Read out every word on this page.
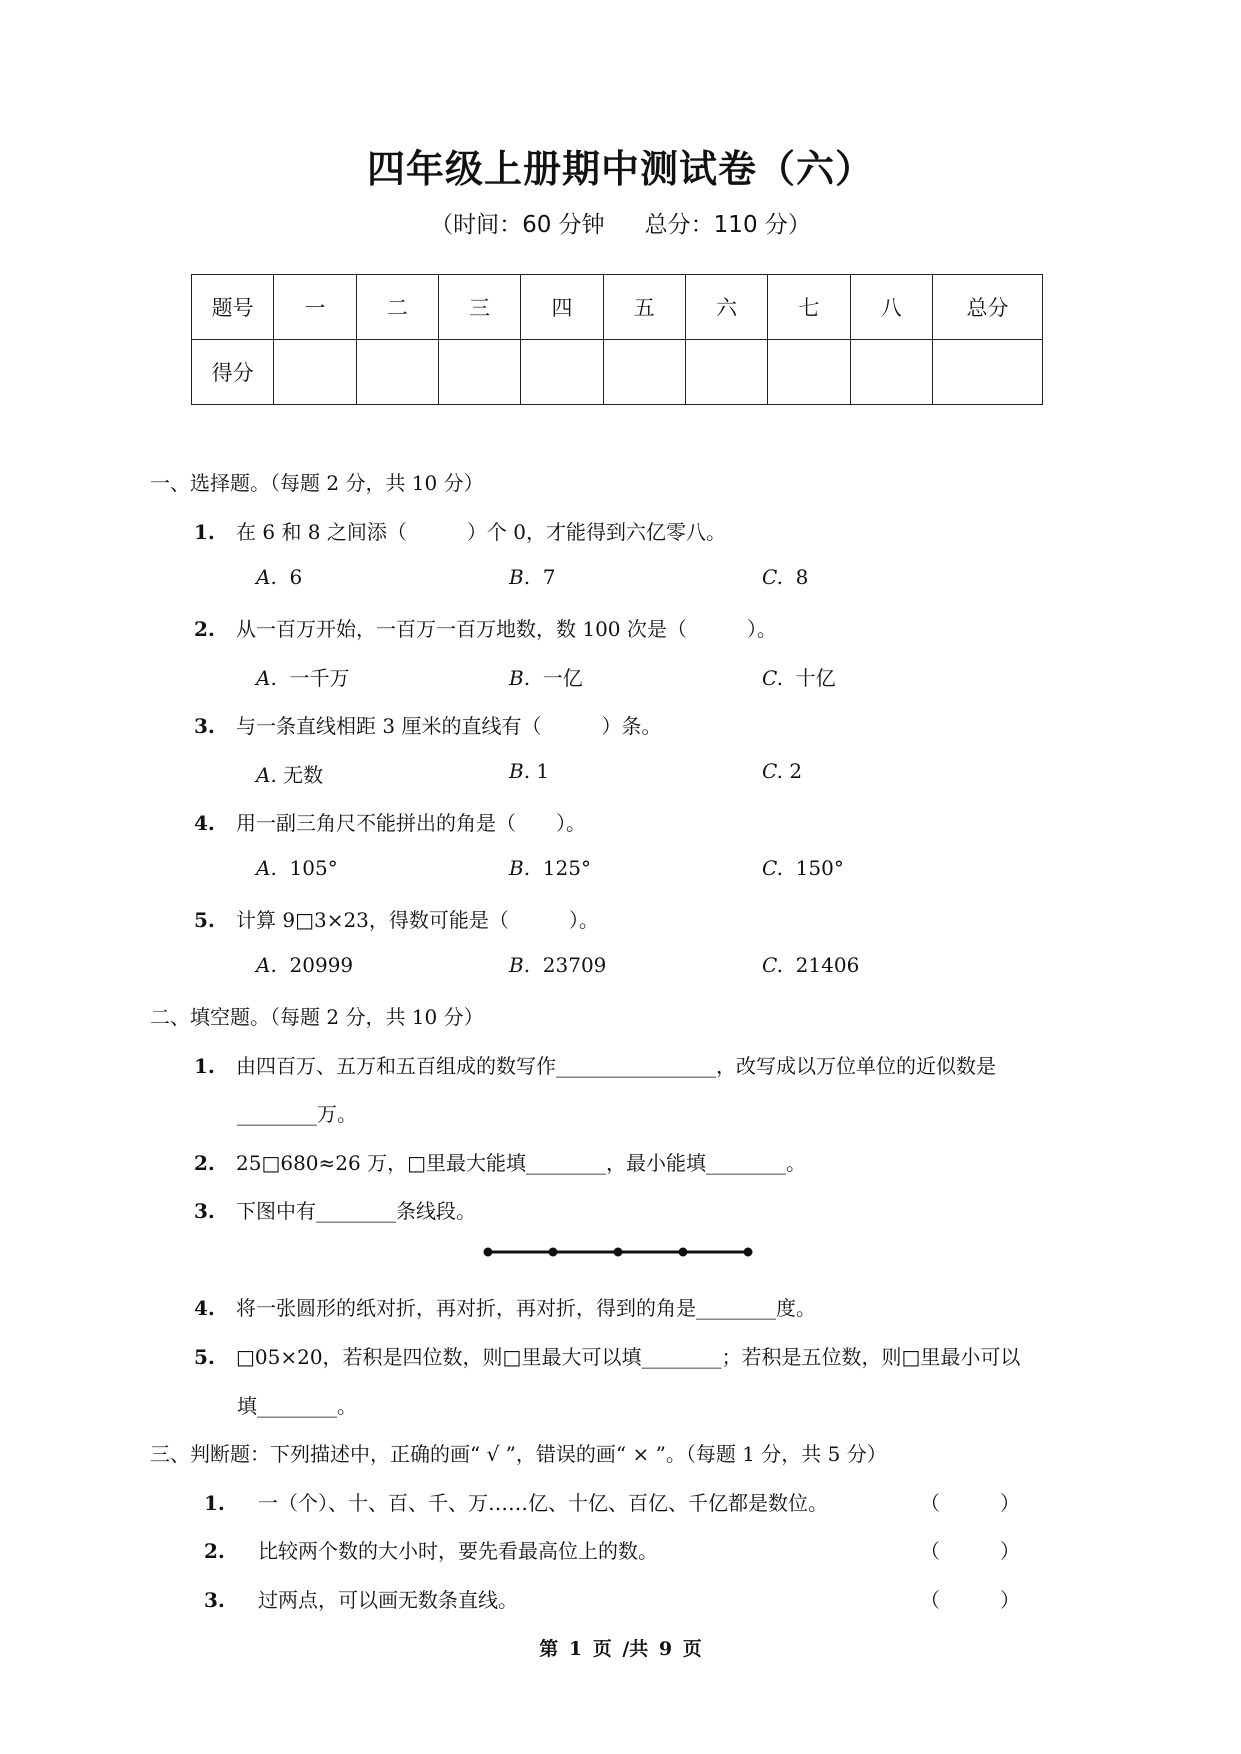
四年级上册期中测试卷（六）
（时间：60 分钟 总分：110 分）
题号	一	二	三	四	五	六	七	八	总分
得分									
一、选择题。（每题 2 分，共 10 分）
1. 在 6 和 8 之间添（　　　）个 0，才能得到六亿零八。
A. 6	B. 7	C. 8
2. 从一百万开始，一百万一百万地数，数 100 次是（　　　）。
A. 一千万	B. 一亿	C. 十亿
3. 与一条直线相距 3 厘米的直线有（　　　）条。
A. 无数	B. 1	C. 2
4. 用一副三角尺不能拼出的角是（　　）。
A. 105°	B. 125°	C. 150°
5. 计算 9□3×23，得数可能是（　　　）。
A. 20999	B. 23709	C. 21406
二、填空题。（每题 2 分，共 10 分）
1. 由四百万、五万和五百组成的数写作________________，改写成以万位单位的近似数是
________万。
2. 25□680≈26 万，□里最大能填________，最小能填________。
3. 下图中有________条线段。
4. 将一张圆形的纸对折，再对折，再对折，得到的角是________度。
5. □05×20，若积是四位数，则□里最大可以填________；若积是五位数，则□里最小可以
填________。
三、判断题：下列描述中，正确的画“ √ ”，错误的画“ × ”。（每题 1 分，共 5 分）
1. 一（个）、十、百、千、万……亿、十亿、百亿、千亿都是数位。	（　　　）
2. 比较两个数的大小时，要先看最高位上的数。	（　　　）
3. 过两点，可以画无数条直线。	（　　　）
第 1 页 /共 9 页
